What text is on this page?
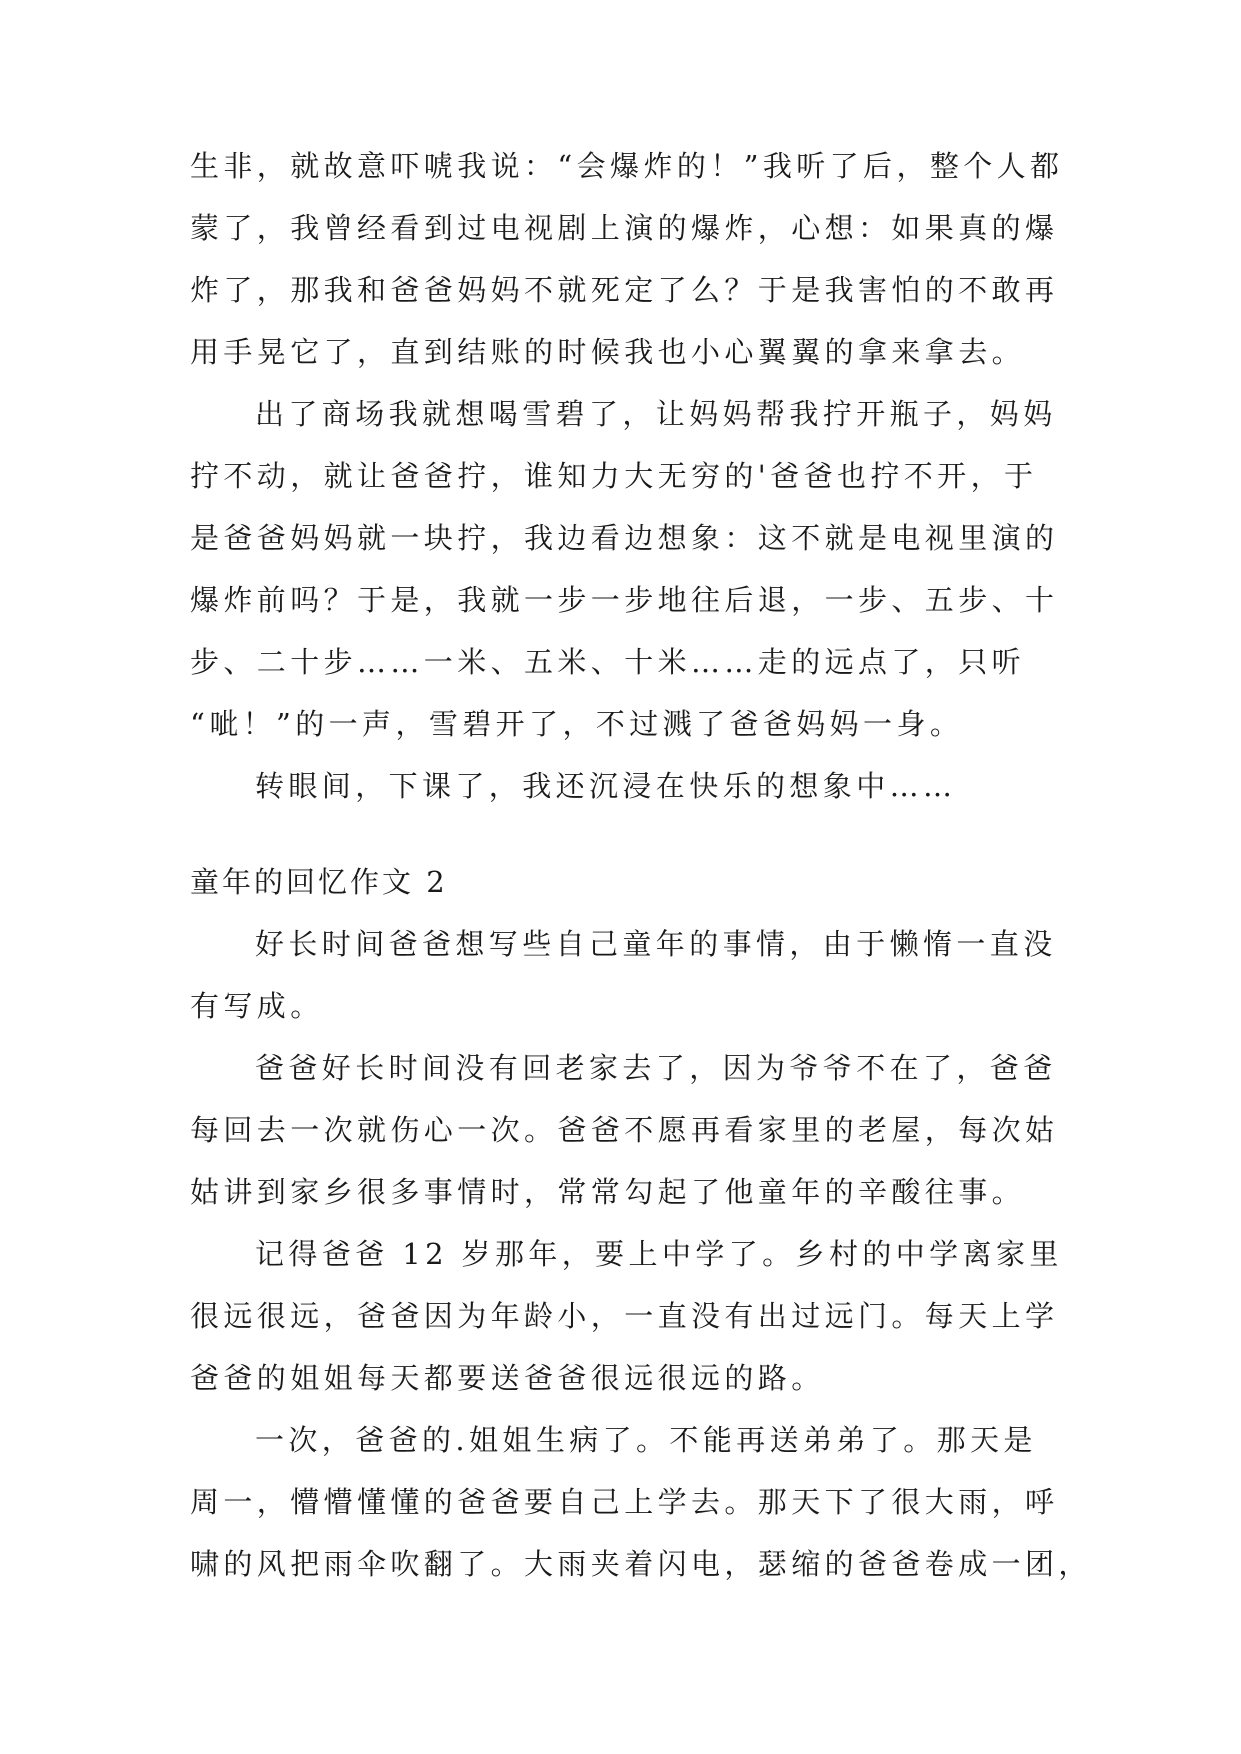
生非，就故意吓唬我说：“会爆炸的！”我听了后，整个人都
蒙了，我曾经看到过电视剧上演的爆炸，心想：如果真的爆
炸了，那我和爸爸妈妈不就死定了么？于是我害怕的不敢再
用手晃它了，直到结账的时候我也小心翼翼的拿来拿去。
出了商场我就想喝雪碧了，让妈妈帮我拧开瓶子，妈妈
拧不动，就让爸爸拧，谁知力大无穷的'爸爸也拧不开，于
是爸爸妈妈就一块拧，我边看边想象：这不就是电视里演的
爆炸前吗？于是，我就一步一步地往后退，一步、五步、十
步、二十步……一米、五米、十米……走的远点了，只听
“呲！”的一声，雪碧开了，不过溅了爸爸妈妈一身。
转眼间，下课了，我还沉浸在快乐的想象中……
童年的回忆作文 2
好长时间爸爸想写些自己童年的事情，由于懒惰一直没
有写成。
爸爸好长时间没有回老家去了，因为爷爷不在了，爸爸
每回去一次就伤心一次。爸爸不愿再看家里的老屋，每次姑
姑讲到家乡很多事情时，常常勾起了他童年的辛酸往事。
记得爸爸 12 岁那年，要上中学了。乡村的中学离家里
很远很远，爸爸因为年龄小，一直没有出过远门。每天上学
爸爸的姐姐每天都要送爸爸很远很远的路。
一次，爸爸的.姐姐生病了。不能再送弟弟了。那天是
周一，懵懵懂懂的爸爸要自己上学去。那天下了很大雨，呼
啸的风把雨伞吹翻了。大雨夹着闪电，瑟缩的爸爸卷成一团，
